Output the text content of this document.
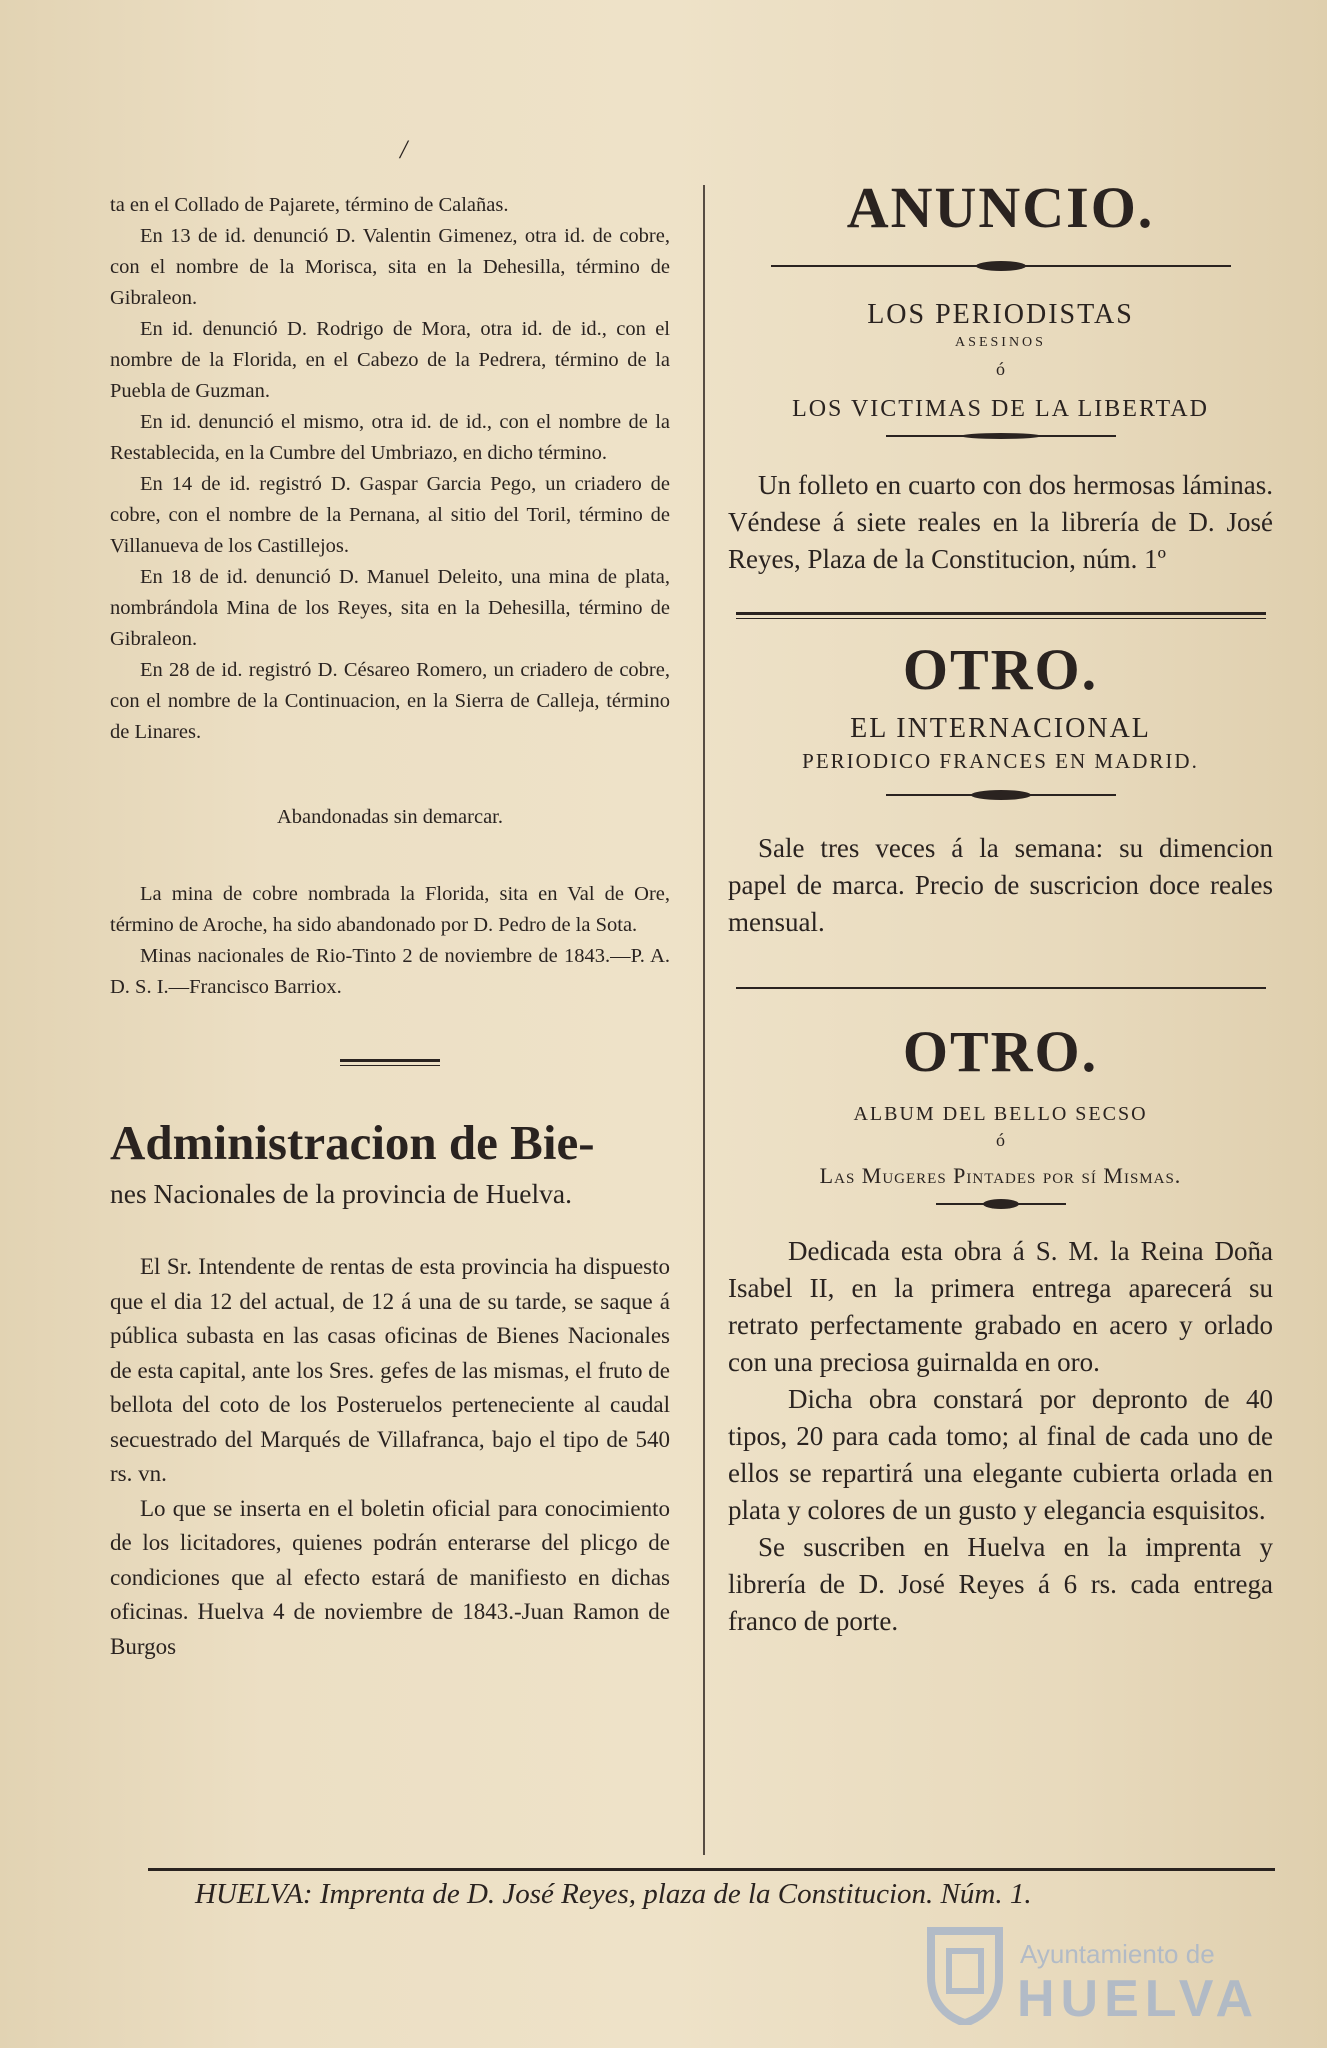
/

ta en el Collado de Pajarete, término de Calañas.

En 13 de id. denunció D. Valentin Gimenez, otra id. de cobre, con el nombre de la Morisca, sita en la Dehesilla, término de Gibraleon.

En id. denunció D. Rodrigo de Mora, otra id. de id., con el nombre de la Florida, en el Cabezo de la Pedrera, término de la Puebla de Guzman.

En id. denunció el mismo, otra id. de id., con el nombre de la Restablecida, en la Cumbre del Umbriazo, en dicho término.

En 14 de id. registró D. Gaspar Garcia Pego, un criadero de cobre, con el nombre de la Pernana, al sitio del Toril, término de Villanueva de los Castillejos.

En 18 de id. denunció D. Manuel Deleito, una mina de plata, nombrándola Mina de los Reyes, sita en la Dehesilla, término de Gibraleon.

En 28 de id. registró D. Césareo Romero, un criadero de cobre, con el nombre de la Continuacion, en la Sierra de Calleja, término de Linares.

Abandonadas sin demarcar.

La mina de cobre nombrada la Florida, sita en Val de Ore, término de Aroche, ha sido abandonado por D. Pedro de la Sota.

Minas nacionales de Rio-Tinto 2 de noviembre de 1843.—P. A. D. S. I.—Francisco Barriox.

Administracion de Bie-

nes Nacionales de la provincia de Huelva.

El Sr. Intendente de rentas de esta provincia ha dispuesto que el dia 12 del actual, de 12 á una de su tarde, se saque á pública subasta en las casas oficinas de Bienes Nacionales de esta capital, ante los Sres. gefes de las mismas, el fruto de bellota del coto de los Posteruelos perteneciente al caudal secuestrado del Marqués de Villafranca, bajo el tipo de 540 rs. vn.

Lo que se inserta en el boletin oficial para conocimiento de los licitadores, quienes podrán enterarse del plicgo de condiciones que al efecto estará de manifiesto en dichas oficinas. Huelva 4 de noviembre de 1843.-Juan Ramon de Burgos

ANUNCIO.

LOS PERIODISTAS

ASESINOS

ó

LOS VICTIMAS DE LA LIBERTAD

Un folleto en cuarto con dos hermosas láminas. Véndese á siete reales en la librería de D. José Reyes, Plaza de la Constitucion, núm. 1º

OTRO.

EL INTERNACIONAL

PERIODICO FRANCES EN MADRID.

Sale tres veces á la semana: su dimencion papel de marca. Precio de suscricion doce reales mensual.

OTRO.

ALBUM DEL BELLO SECSO

ó

Las Mugeres Pintades por sí Mismas.

Dedicada esta obra á S. M. la Reina Doña Isabel II, en la primera entrega aparecerá su retrato perfectamente grabado en acero y orlado con una preciosa guirnalda en oro.

Dicha obra constará por depronto de 40 tipos, 20 para cada tomo; al final de cada uno de ellos se repartirá una elegante cubierta orlada en plata y colores de un gusto y elegancia esquisitos.

Se suscriben en Huelva en la imprenta y librería de D. José Reyes á 6 rs. cada entrega franco de porte.

HUELVA: Imprenta de D. José Reyes, plaza de la Constitucion. Núm. 1.
Ayuntamiento de
HUELVA
